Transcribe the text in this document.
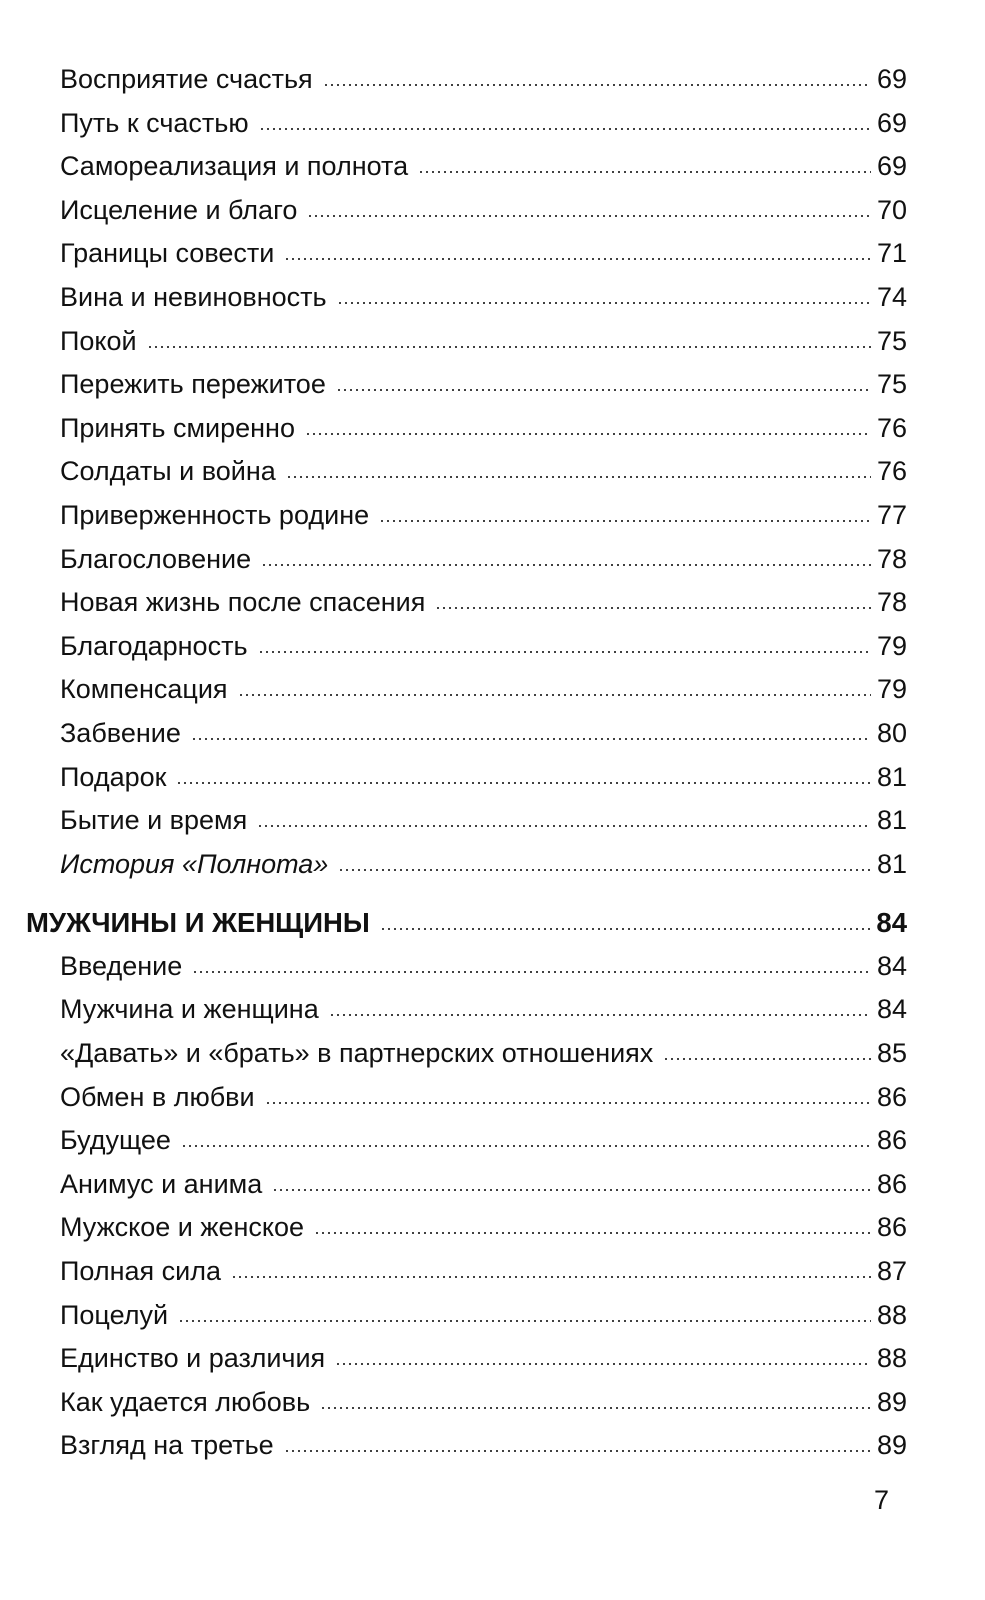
Восприятие счастья	69
Путь к счастью	69
Самореализация и полнота	69
Исцеление и благо	70
Границы совести	71
Вина и невиновность	74
Покой	75
Пережить пережитое	75
Принять смиренно	76
Солдаты и война	76
Приверженность родине	77
Благословение	78
Новая жизнь после спасения	78
Благодарность	79
Компенсация	79
Забвение	80
Подарок	81
Бытие и время	81
История «Полнота»	81
МУЖЧИНЫ И ЖЕНЩИНЫ	84
Введение	84
Мужчина и женщина	84
«Давать» и «брать» в партнерских отношениях	85
Обмен в любви	86
Будущее	86
Анимус и анима	86
Мужское и женское	86
Полная сила	87
Поцелуй	88
Единство и различия	88
Как удается любовь	89
Взгляд на третье	89
7
